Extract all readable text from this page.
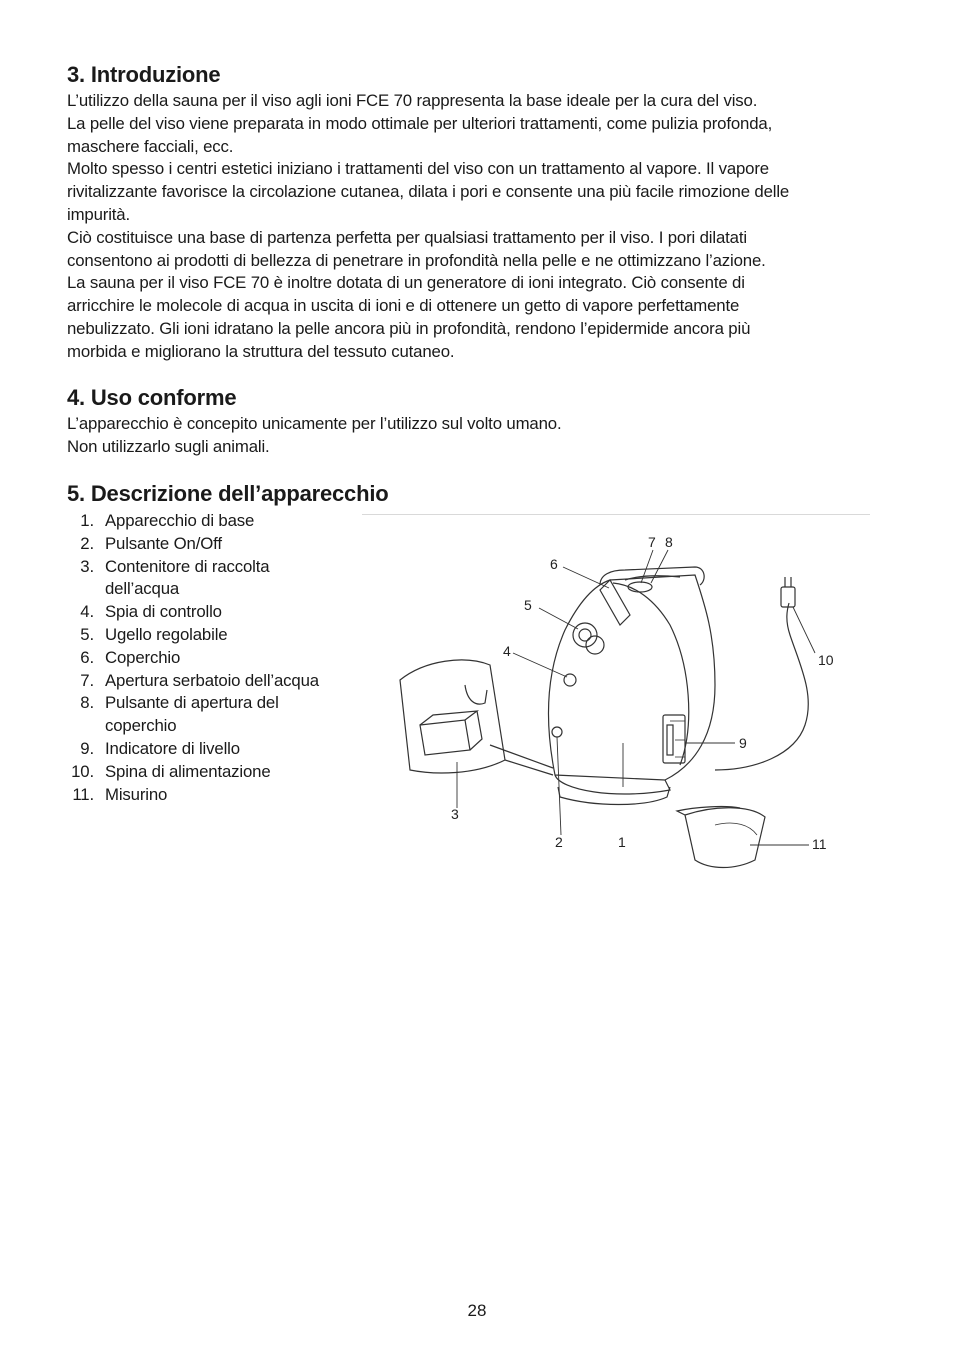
3. Introduzione

L’utilizzo della sauna per il viso agli ioni FCE 70 rappresenta la base ideale per la cura del viso.
La pelle del viso viene preparata in modo ottimale per ulteriori trattamenti, come pulizia profonda,
maschere facciali, ecc.
Molto spesso i centri estetici iniziano i trattamenti del viso con un trattamento al vapore. Il vapore
rivitalizzante favorisce la circolazione cutanea, dilata i pori e consente una più facile rimozione delle
impurità.
Ciò costituisce una base di partenza perfetta per qualsiasi trattamento per il viso. I pori dilatati
consentono ai prodotti di bellezza di penetrare in profondità nella pelle e ne ottimizzano l’azione.
La sauna per il viso FCE 70 è inoltre dotata di un generatore di ioni integrato. Ciò consente di
arricchire le molecole di acqua in uscita di ioni e di ottenere un getto di vapore perfettamente
nebulizzato. Gli ioni idratano la pelle ancora più in profondità, rendono l’epidermide ancora più
morbida e migliorano la struttura del tessuto cutaneo.

4. Uso conforme

L’apparecchio è concepito unicamente per l’utilizzo sul volto umano.
Non utilizzarlo sugli animali.

5. Descrizione dell’apparecchio
1. Apparecchio di base
2. Pulsante On/Off
3. Contenitore di raccolta
dell’acqua
4. Spia di controllo
5. Ugello regolabile
6. Coperchio
7. Apertura serbatoio dell’acqua
8. Pulsante di apertura del
coperchio
9. Indicatore di livello
10. Spina di alimentazione
11. Misurino
1
2
3
4
5
6
7 8
9
10
11
28
